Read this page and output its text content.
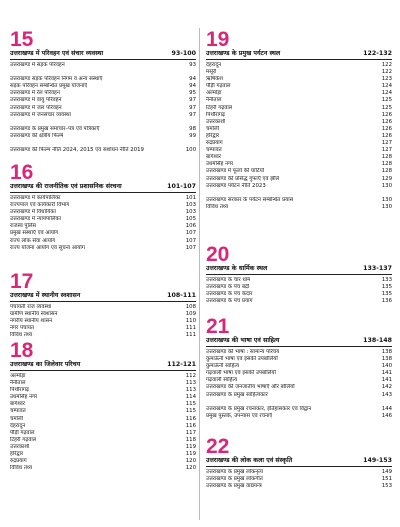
15
उत्तराखण्ड में परिवहन एवं संचार व्यवस्था	93-100
उत्तराखण्ड में सड़क परिवहन	93
उत्तराखण्ड सड़क परिवहन निगम व अन्य संस्थाएँ	94
सड़क परिवहन सम्बन्धित प्रमुख योजनाएँ	94
उत्तराखण्ड में रेल परिवहन	95
उत्तराखण्ड में वायु परिवहन	97
उत्तराखण्ड में जल परिवहन	97
उत्तराखण्ड में जनसंचार व्यवस्था	97
उत्तराखण्ड के प्रमुख समाचार–पत्र एवं पत्रिकाएँ	98
उत्तराखण्ड की क्षेत्रीय फिल्में	99
उत्तराखण्ड की फिल्म नीति 2024, 2015 एवं संशोधन नीति 2019	100
16
उत्तराखण्ड की राजनीतिक एवं प्रशासनिक संरचना	101-107
उत्तराखण्ड में कार्यपालिका	101
राज्यपाल एवं कार्यकारी विभाग	103
उत्तराखण्ड में विधायिका	103
उत्तराखण्ड में न्यायपालिका	105
राजस्व पुलिस	106
प्रमुख संस्थाएँ एवं आयोग	107
राज्य लोक सेवा आयोग	107
राज्य योजना आयोग एवं सूचना आयोग	107
17
उत्तराखण्ड में स्थानीय स्वशासन	108-111
पंचायती राज व्यवस्था	108
ग्रामीण स्थानीय स्वशासन	109
नगरीय स्थानीय शासन	110
नगर पंचायत	111
विविध तथ्य	111
18
उत्तराखण्ड का जिलेवार परिचय	112-121
अल्मोड़ा	112
नैनीताल	113
पिथौरागढ़	113
उधमसिंह नगर	114
बागेश्वर	115
चम्पावत	115
चमोली	116
देहरादून	116
पौड़ी गढ़वाल	117
टिहरी गढ़वाल	118
उत्तरकाशी	119
हरिद्वार	119
रुद्रप्रयाग	120
विविध तथ्य	120
19
उत्तराखण्ड के प्रमुख पर्यटन स्थल	122-132
देहरादून	122
मसूरी	122
ऋषिकेश	123
पौड़ी गढ़वाल	124
अल्मोड़ा	124
नैनीताल	125
टिहरी गढ़वाल	125
पिथौरागढ़	126
उत्तरकाशी	126
चमोली	126
हरिद्वार	126
रुद्रप्रयाग	127
चम्पावत	127
बागेश्वर	128
उधमसिंह नगर	128
उत्तराखण्ड में फूलों की घाटियाँ	128
उत्तराखण्ड की प्रसिद्ध गुफाएँ एवं झीलें	129
उत्तराखण्ड पर्यटन नीति 2023	130
उत्तराखण्ड सरकार के पर्यटन सम्बन्धित प्रयास	130
विविध तथ्य	130
20
उत्तराखण्ड के धार्मिक स्थल	133-137
उत्तराखण्ड के चार धाम	133
उत्तराखण्ड के पंच बद्री	135
उत्तराखण्ड के पंच केदार	135
उत्तराखण्ड के पंच प्रयाग	136
21
उत्तराखण्ड की भाषा एवं साहित्य	138-148
उत्तराखण्ड की भाषा : सामान्य परिचय	138
कुमाऊँनी भाषा एवं इसकी उपबोलियाँ	138
कुमाऊँनी साहित्य	140
गढ़वाली भाषा एवं इसकी उपबोलियाँ	141
गढ़वाली साहित्य	141
उत्तराखण्ड की जनजातीय भाषाएँ और बोलियाँ	142
उत्तराखण्ड के प्रमुख साहित्यकार	143
उत्तराखण्ड के प्रमुख रचनाकार, इतिहासकार एवं विद्वान	144
प्रमुख पुस्तकें, उपन्यास एवं रचनाएँ	146
22
उत्तराखण्ड की लोक कला एवं संस्कृति	149-153
उत्तराखण्ड के प्रमुख लोकनृत्य	149
उत्तराखण्ड के प्रमुख लोकगीत	151
उत्तराखण्ड के प्रमुख वाद्ययन्त्र	153
